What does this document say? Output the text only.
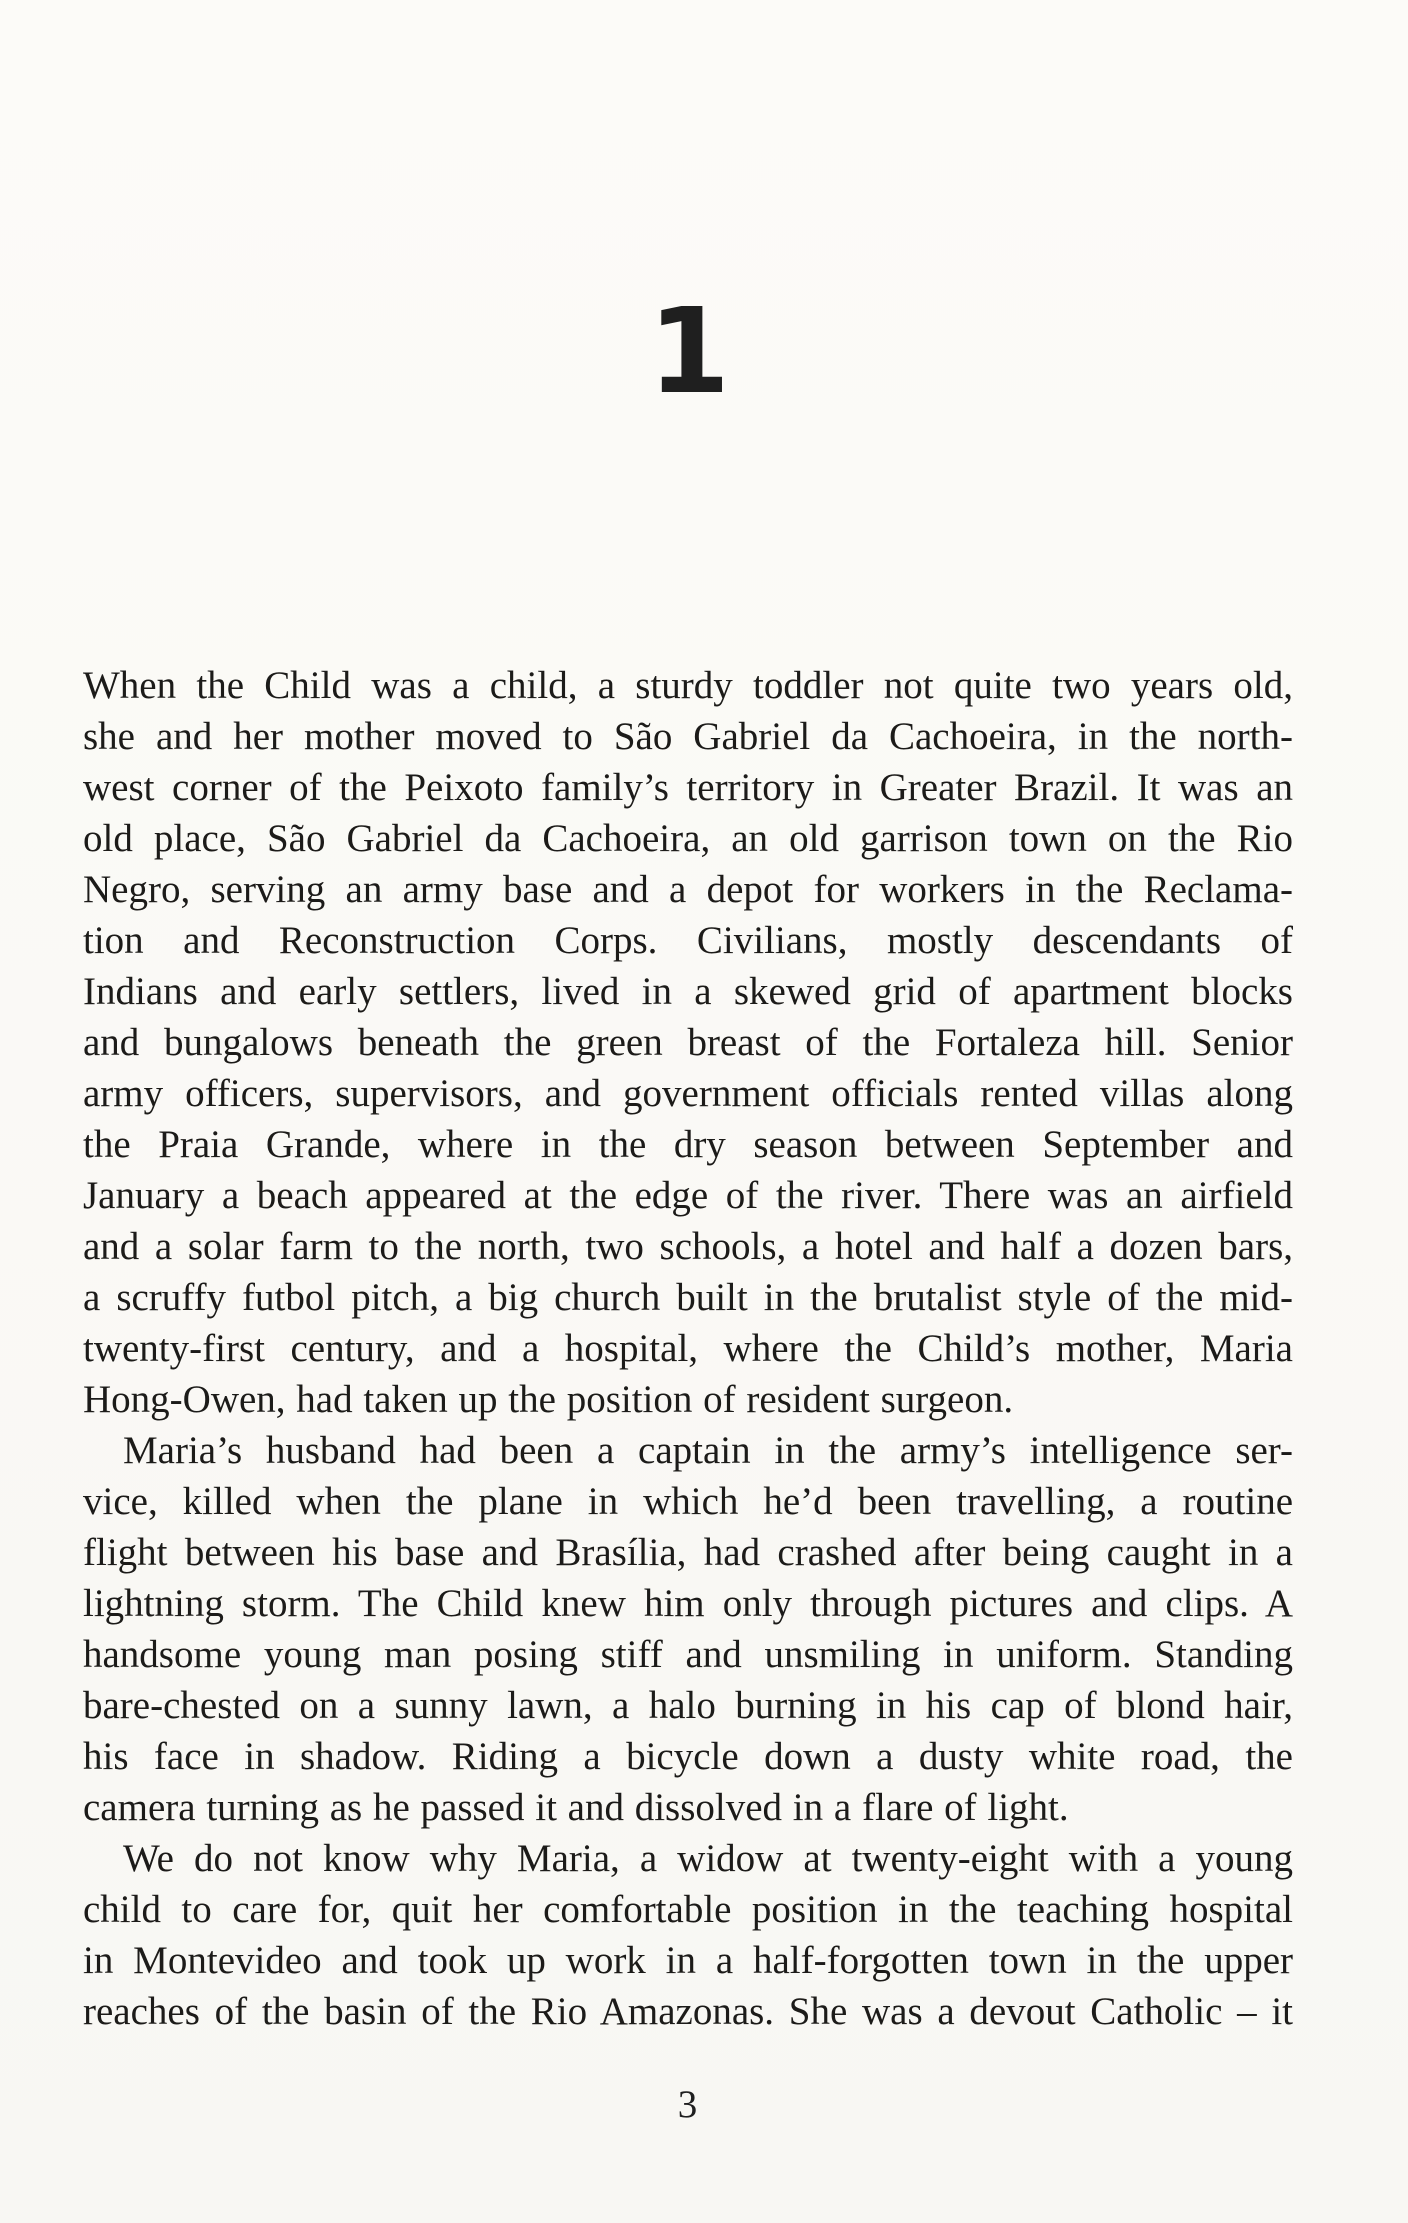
1
When the Child was a child, a sturdy toddler not quite two years old,
she and her mother moved to São Gabriel da Cachoeira, in the north-
west corner of the Peixoto family’s territory in Greater Brazil. It was an
old place, São Gabriel da Cachoeira, an old garrison town on the Rio
Negro, serving an army base and a depot for workers in the Reclama-
tion and Reconstruction Corps. Civilians, mostly descendants of
Indians and early settlers, lived in a skewed grid of apartment blocks
and bungalows beneath the green breast of the Fortaleza hill. Senior
army officers, supervisors, and government officials rented villas along
the Praia Grande, where in the dry season between September and
January a beach appeared at the edge of the river. There was an airfield
and a solar farm to the north, two schools, a hotel and half a dozen bars,
a scruffy futbol pitch, a big church built in the brutalist style of the mid-
twenty-first century, and a hospital, where the Child’s mother, Maria
Hong-Owen, had taken up the position of resident surgeon.
Maria’s husband had been a captain in the army’s intelligence ser-
vice, killed when the plane in which he’d been travelling, a routine
flight between his base and Brasília, had crashed after being caught in a
lightning storm. The Child knew him only through pictures and clips. A
handsome young man posing stiff and unsmiling in uniform. Standing
bare-chested on a sunny lawn, a halo burning in his cap of blond hair,
his face in shadow. Riding a bicycle down a dusty white road, the
camera turning as he passed it and dissolved in a flare of light.
We do not know why Maria, a widow at twenty-eight with a young
child to care for, quit her comfortable position in the teaching hospital
in Montevideo and took up work in a half-forgotten town in the upper
reaches of the basin of the Rio Amazonas. She was a devout Catholic – it
3
